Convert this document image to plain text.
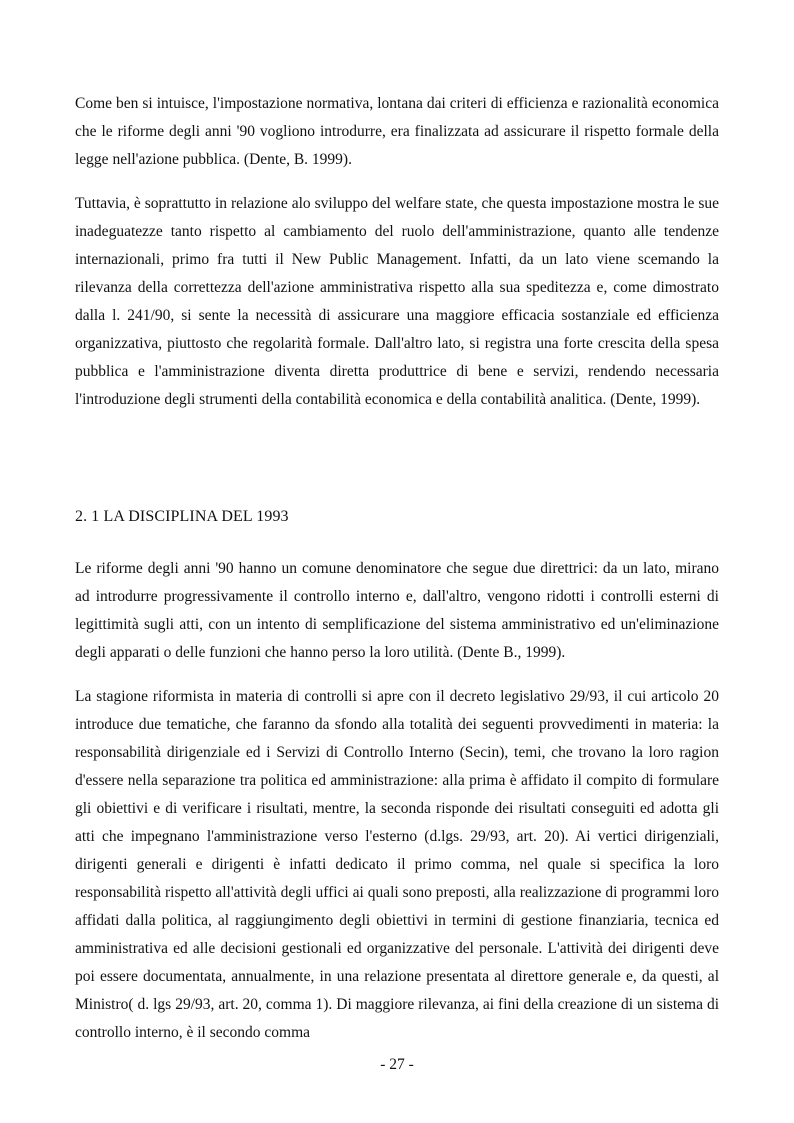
Come ben si intuisce, l'impostazione normativa, lontana dai criteri di efficienza e razionalità economica che le riforme degli anni '90 vogliono introdurre, era finalizzata ad assicurare il rispetto formale della legge nell'azione pubblica. (Dente, B. 1999).

Tuttavia, è soprattutto in relazione alo sviluppo del welfare state, che questa impostazione mostra le sue inadeguatezze tanto rispetto al cambiamento del ruolo dell'amministrazione, quanto alle tendenze internazionali, primo fra tutti il New Public Management. Infatti, da un lato viene scemando la rilevanza della correttezza dell'azione amministrativa rispetto alla sua speditezza e, come dimostrato dalla l. 241/90, si sente la necessità di assicurare una maggiore efficacia sostanziale ed efficienza organizzativa, piuttosto che regolarità formale. Dall'altro lato, si registra una forte crescita della spesa pubblica e l'amministrazione diventa diretta produttrice di bene e servizi, rendendo necessaria l'introduzione degli strumenti della contabilità economica e della contabilità analitica. (Dente, 1999).

2. 1 LA DISCIPLINA DEL 1993

Le riforme degli anni '90 hanno un comune denominatore che segue due direttrici: da un lato, mirano ad introdurre progressivamente il controllo interno e, dall'altro, vengono ridotti i controlli esterni di legittimità sugli atti, con un intento di semplificazione del sistema amministrativo ed un'eliminazione degli apparati o delle funzioni che hanno perso la loro utilità. (Dente B., 1999).

La stagione riformista in materia di controlli si apre con il decreto legislativo 29/93, il cui articolo 20 introduce due tematiche, che faranno da sfondo alla totalità dei seguenti provvedimenti in materia: la responsabilità dirigenziale ed i Servizi di Controllo Interno (Secin), temi, che trovano la loro ragion d'essere nella separazione tra politica ed amministrazione: alla prima è affidato il compito di formulare gli obiettivi e di verificare i risultati, mentre, la seconda risponde dei risultati conseguiti ed adotta gli atti che impegnano l'amministrazione verso l'esterno (d.lgs. 29/93, art. 20). Ai vertici dirigenziali, dirigenti generali e dirigenti è infatti dedicato il primo comma, nel quale si specifica la loro responsabilità rispetto all'attività degli uffici ai quali sono preposti, alla realizzazione di programmi loro affidati dalla politica, al raggiungimento degli obiettivi in termini di gestione finanziaria, tecnica ed amministrativa ed alle decisioni gestionali ed organizzative del personale. L'attività dei dirigenti deve poi essere documentata, annualmente, in una relazione presentata al direttore generale e, da questi, al Ministro( d. lgs 29/93, art. 20, comma 1). Di maggiore rilevanza, ai fini della creazione di un sistema di controllo interno, è il secondo comma

- 27 -
